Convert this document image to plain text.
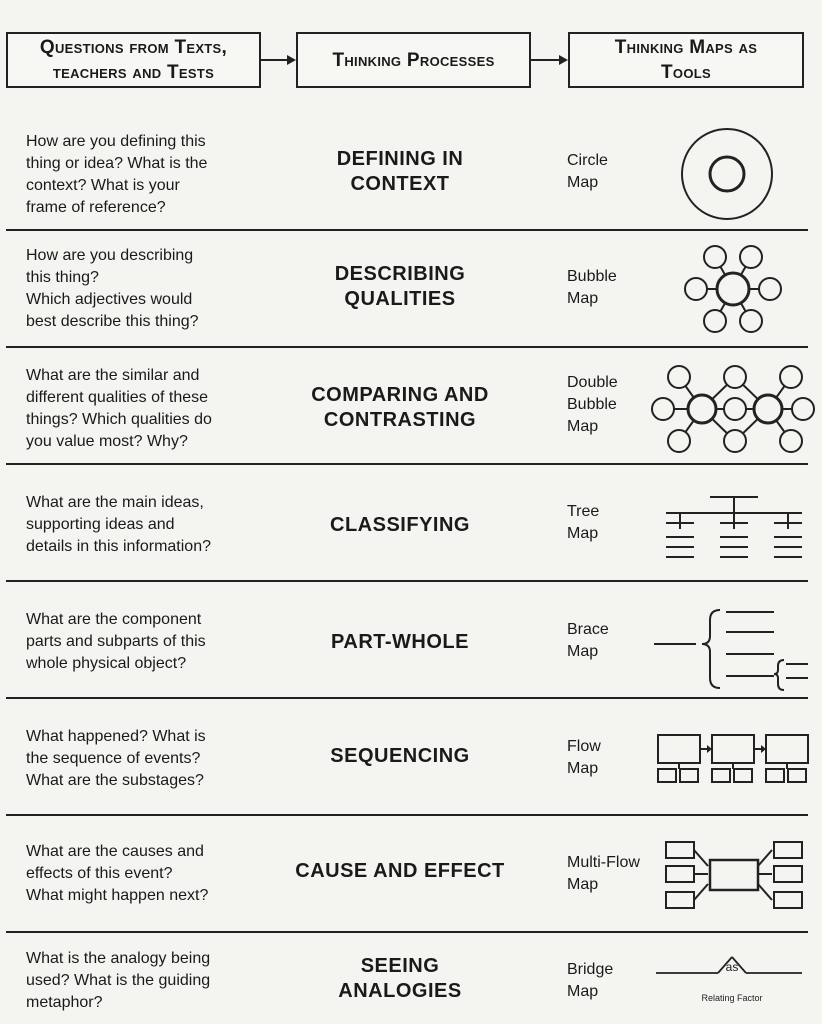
Questions from Texts,
teachers and Tests
Thinking Processes
Thinking Maps as
Tools
How are you defining this
thing or idea? What is the
context? What is your
frame of reference?
DEFINING IN
CONTEXT
Circle
Map
How are you describing
this thing?
Which adjectives would
best describe this thing?
DESCRIBING
QUALITIES
Bubble
Map
What are the similar and
different qualities of these
things? Which qualities do
you value most? Why?
COMPARING AND
CONTRASTING
Double
Bubble
Map
What are the main ideas,
supporting ideas and
details in this information?
CLASSIFYING
Tree
Map
What are the component
parts and subparts of this
whole physical object?
PART-WHOLE
Brace
Map
What happened? What is
the sequence of events?
What are the substages?
SEQUENCING	Flow
Map
What are the causes and
effects of this event?
What might happen next?
CAUSE AND EFFECT	Multi-Flow
Map
What is the analogy being
used? What is the guiding
metaphor?
SEEING
ANALOGIES
Bridge
Map
as
Relating Factor
